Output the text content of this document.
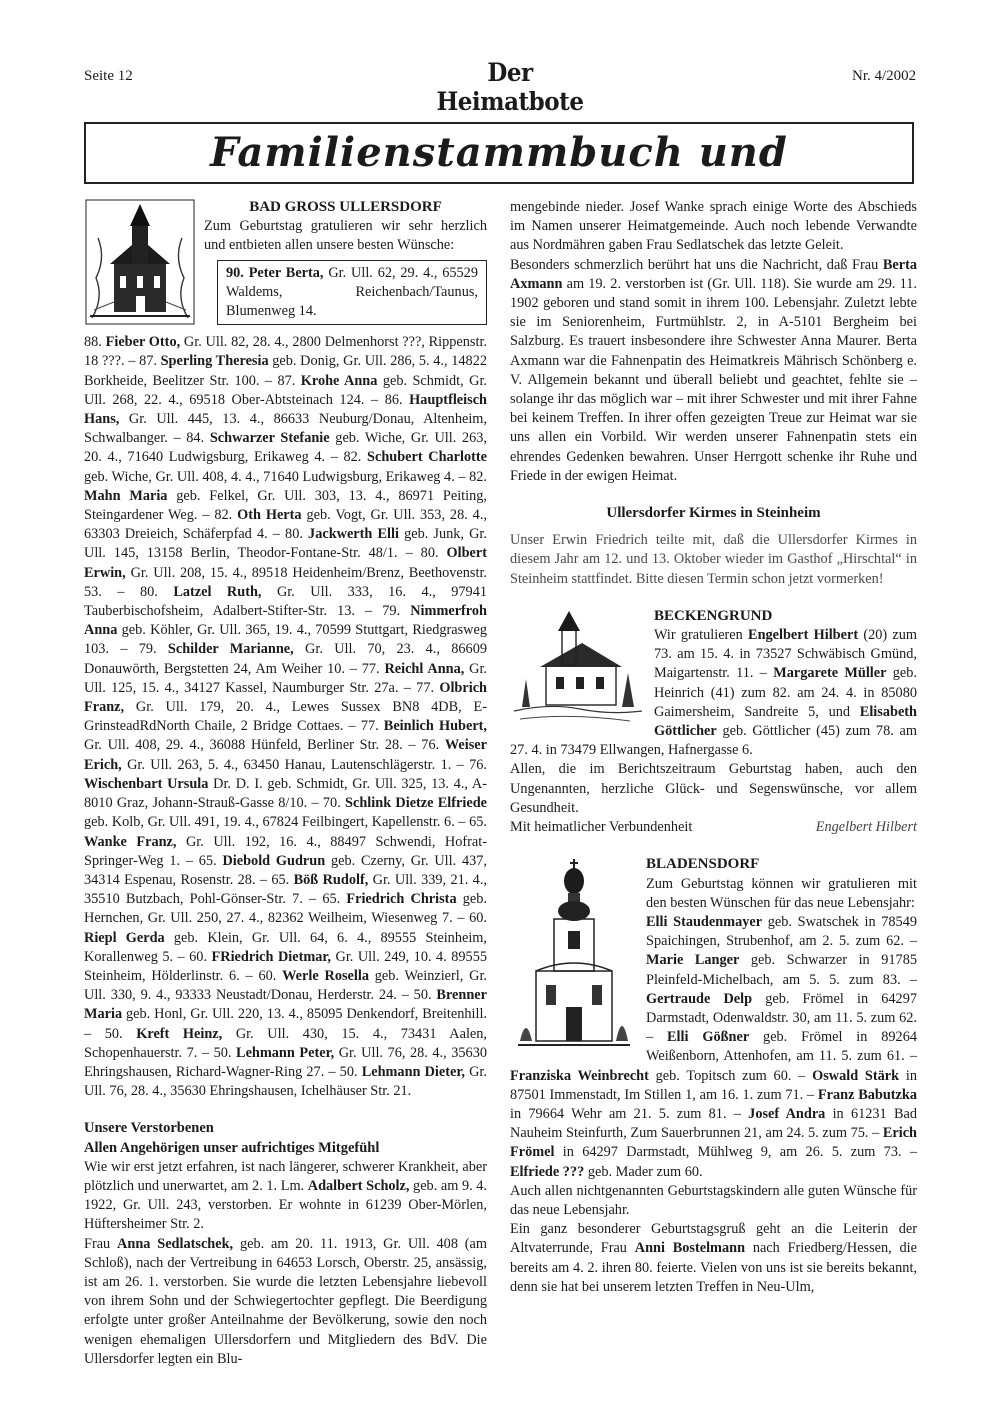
Seite 12	Der Heimatbote
Nr. 4/2002
Familienstammbuch und

BAD GROSS ULLERSDORF

Zum Geburtstag gratulieren wir sehr herzlich und entbieten allen unsere besten Wünsche:

90. Peter Berta, Gr. Ull. 62, 29. 4., 65529 Waldems, Reichenbach/Taunus, Blumenweg 14.

88. Fieber Otto, Gr. Ull. 82, 28. 4., 2800 Delmenhorst ???, Rippenstr. 18 ???. – 87. Sperling Theresia geb. Donig, Gr. Ull. 286, 5. 4., 14822 Borkheide, Beelitzer Str. 100. – 87. Krohe Anna geb. Schmidt, Gr. Ull. 268, 22. 4., 69518 Ober-Abtsteinach 124. – 86. Hauptfleisch Hans, Gr. Ull. 445, 13. 4., 86633 Neuburg/Donau, Altenheim, Schwalbanger. – 84. Schwarzer Stefanie geb. Wiche, Gr. Ull. 263, 20. 4., 71640 Ludwigsburg, Erikaweg 4. – 82. Schubert Charlotte geb. Wiche, Gr. Ull. 408, 4. 4., 71640 Ludwigsburg, Erikaweg 4. – 82. Mahn Maria geb. Felkel, Gr. Ull. 303, 13. 4., 86971 Peiting, Steingardener Weg. – 82. Oth Herta geb. Vogt, Gr. Ull. 353, 28. 4., 63303 Dreieich, Schäferpfad 4. – 80. Jackwerth Elli geb. Junk, Gr. Ull. 145, 13158 Berlin, Theodor-Fontane-Str. 48/1. – 80. Olbert Erwin, Gr. Ull. 208, 15. 4., 89518 Heidenheim/Brenz, Beethovenstr. 53. – 80. Latzel Ruth, Gr. Ull. 333, 16. 4., 97941 Tauberbischofsheim, Adalbert-Stifter-Str. 13. – 79. Nimmerfroh Anna geb. Köhler, Gr. Ull. 365, 19. 4., 70599 Stuttgart, Riedgrasweg 103. – 79. Schilder Marianne, Gr. Ull. 70, 23. 4., 86609 Donauwörth, Bergstetten 24, Am Weiher 10. – 77. Reichl Anna, Gr. Ull. 125, 15. 4., 34127 Kassel, Naumburger Str. 27a. – 77. Olbrich Franz, Gr. Ull. 179, 20. 4., Lewes Sussex BN8 4DB, E-GrinsteadRdNorth Chaile, 2 Bridge Cottaes. – 77. Beinlich Hubert, Gr. Ull. 408, 29. 4., 36088 Hünfeld, Berliner Str. 28. – 76. Weiser Erich, Gr. Ull. 263, 5. 4., 63450 Hanau, Lautenschlägerstr. 1. – 76. Wischenbart Ursula Dr. D. I. geb. Schmidt, Gr. Ull. 325, 13. 4., A-8010 Graz, Johann-Strauß-Gasse 8/10. – 70. Schlink Dietze Elfriede geb. Kolb, Gr. Ull. 491, 19. 4., 67824 Feilbingert, Kapellenstr. 6. – 65. Wanke Franz, Gr. Ull. 192, 16. 4., 88497 Schwendi, Hofrat-Springer-Weg 1. – 65. Diebold Gudrun geb. Czerny, Gr. Ull. 437, 34314 Espenau, Rosenstr. 28. – 65. Böß Rudolf, Gr. Ull. 339, 21. 4., 35510 Butzbach, Pohl-Gönser-Str. 7. – 65. Friedrich Christa geb. Hernchen, Gr. Ull. 250, 27. 4., 82362 Weilheim, Wiesenweg 7. – 60. Riepl Gerda geb. Klein, Gr. Ull. 64, 6. 4., 89555 Steinheim, Korallenweg 5. – 60. FRiedrich Dietmar, Gr. Ull. 249, 10. 4. 89555 Steinheim, Hölderlinstr. 6. – 60. Werle Rosella geb. Weinzierl, Gr. Ull. 330, 9. 4., 93333 Neustadt/Donau, Herderstr. 24. – 50. Brenner Maria geb. Honl, Gr. Ull. 220, 13. 4., 85095 Denkendorf, Breitenhill. – 50. Kreft Heinz, Gr. Ull. 430, 15. 4., 73431 Aalen, Schopenhauerstr. 7. – 50. Lehmann Peter, Gr. Ull. 76, 28. 4., 35630 Ehringshausen, Richard-Wagner-Ring 27. – 50. Lehmann Dieter, Gr. Ull. 76, 28. 4., 35630 Ehringshausen, Ichelhäuser Str. 21.

Unsere Verstorbenen

Allen Angehörigen unser aufrichtiges Mitgefühl

Wie wir erst jetzt erfahren, ist nach längerer, schwerer Krankheit, aber plötzlich und unerwartet, am 2. 1. Lm. Adalbert Scholz, geb. am 9. 4. 1922, Gr. Ull. 243, verstorben. Er wohnte in 61239 Ober-Mörlen, Hüftersheimer Str. 2.

Frau Anna Sedlatschek, geb. am 20. 11. 1913, Gr. Ull. 408 (am Schloß), nach der Vertreibung in 64653 Lorsch, Oberstr. 25, ansässig, ist am 26. 1. verstorben. Sie wurde die letzten Lebensjahre liebevoll von ihrem Sohn und der Schwiegertochter gepflegt. Die Beerdigung erfolgte unter großer Anteilnahme der Bevölkerung, sowie den noch wenigen ehemaligen Ullersdorfern und Mitgliedern des BdV. Die Ullersdorfer legten ein Blu-

mengebinde nieder. Josef Wanke sprach einige Worte des Abschieds im Namen unserer Heimatgemeinde. Auch noch lebende Verwandte aus Nordmähren gaben Frau Sedlatschek das letzte Geleit.

Besonders schmerzlich berührt hat uns die Nachricht, daß Frau Berta Axmann am 19. 2. verstorben ist (Gr. Ull. 118). Sie wurde am 29. 11. 1902 geboren und stand somit in ihrem 100. Lebensjahr. Zuletzt lebte sie im Seniorenheim, Furtmühlstr. 2, in A-5101 Bergheim bei Salzburg. Es trauert insbesondere ihre Schwester Anna Maurer. Berta Axmann war die Fahnenpatin des Heimatkreis Mährisch Schönberg e. V. Allgemein bekannt und überall beliebt und geachtet, fehlte sie – solange ihr das möglich war – mit ihrer Schwester und mit ihrer Fahne bei keinem Treffen. In ihrer offen gezeigten Treue zur Heimat war sie uns allen ein Vorbild. Wir werden unserer Fahnenpatin stets ein ehrendes Gedenken bewahren. Unser Herrgott schenke ihr Ruhe und Friede in der ewigen Heimat.

Ullersdorfer Kirmes in Steinheim

Unser Erwin Friedrich teilte mit, daß die Ullersdorfer Kirmes in diesem Jahr am 12. und 13. Oktober wieder im Gasthof „Hirschtal“ in Steinheim stattfindet. Bitte diesen Termin schon jetzt vormerken!

BECKENGRUND

Wir gratulieren Engelbert Hilbert (20) zum 73. am 15. 4. in 73527 Schwäbisch Gmünd, Maigartenstr. 11. – Margarete Müller geb. Heinrich (41) zum 82. am 24. 4. in 85080 Gaimersheim, Sandreite 5, und Elisabeth Göttlicher geb. Göttlicher (45) zum 78. am 27. 4. in 73479 Ellwangen, Hafnergasse 6.

Allen, die im Berichtszeitraum Geburtstag haben, auch den Ungenannten, herzliche Glück- und Segenswünsche, vor allem Gesundheit.

Mit heimatlicher Verbundenheit	Engelbert Hilbert

BLADENSDORF

Zum Geburtstag können wir gratulieren mit den besten Wünschen für das neue Lebensjahr:

Elli Staudenmayer geb. Swatschek in 78549 Spaichingen, Strubenhof, am 2. 5. zum 62. – Marie Langer geb. Schwarzer in 91785 Pleinfeld-Michelbach, am 5. 5. zum 83. – Gertraude Delp geb. Frömel in 64297 Darmstadt, Odenwaldstr. 30, am 11. 5. zum 62. – Elli Gößner geb. Frömel in 89264 Weißenborn, Attenhofen, am 11. 5. zum 61. – Franziska Weinbrecht geb. Topitsch zum 60. – Oswald Stärk in 87501 Immenstadt, Im Stillen 1, am 16. 1. zum 71. – Franz Babutzka in 79664 Wehr am 21. 5. zum 81. – Josef Andra in 61231 Bad Nauheim Steinfurth, Zum Sauerbrunnen 21, am 24. 5. zum 75. – Erich Frömel in 64297 Darmstadt, Mühlweg 9, am 26. 5. zum 73. – Elfriede ??? geb. Mader zum 60.

Auch allen nichtgenannten Geburtstagskindern alle guten Wünsche für das neue Lebensjahr.

Ein ganz besonderer Geburtstagsgruß geht an die Leiterin der Altvaterrunde, Frau Anni Bostelmann nach Friedberg/Hessen, die bereits am 4. 2. ihren 80. feierte. Vielen von uns ist sie bereits bekannt, denn sie hat bei unserem letzten Treffen in Neu-Ulm,
